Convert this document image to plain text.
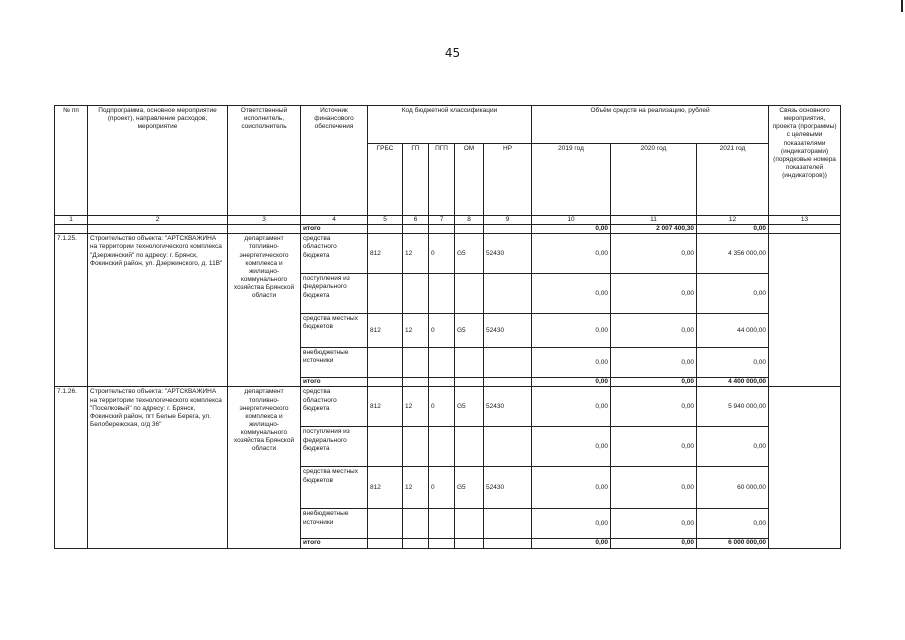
45
№ пп	Подпрограмма, основное мероприятие (проект), направление расходов, мероприятие	Ответственный исполнитель, соисполнитель	Источник финансового обеспечения	Код бюджетной классификации					Объём средств на реализацию, рублей			Связь основного мероприятия, проекта (программы) с целевыми показателями (индикаторами) (порядковые номера показателей (индикаторов))
				ГРБС	ГП	ПГП	ОМ	НР	2019 год	2020 год	2021 год	
1	2	3	4	5	6	7	8	9	10	11	12	13
			итого						0,00	2 007 400,30	0,00	
7.1.25.	Строительство объекта: "АРТСКВАЖИНА на территории технологического комплекса "Дзержинский" по адресу: г. Брянск, Фокинский район, ул. Дзержинского, д. 11В"	департамент топливно-энергетического комплекса и жилищно-коммунального хозяйства Брянской области	средства областного бюджета	812	12	0	G5	52430	0,00	0,00	4 356 000,00	
			поступления из федерального бюджета						0,00	0,00	0,00	
			средства местных бюджетов	812	12	0	G5	52430	0,00	0,00	44 000,00	
			внебюджетные источники						0,00	0,00	0,00	
			итого						0,00	0,00	4 400 000,00	
7.1.26.	Строительство объекта: "АРТСКВАЖИНА на территории технологического комплекса "Поселковый" по адресу: г. Брянск, Фокинский район, пгт Белые Берега, ул. Белобережская, о/д 36"	департамент топливно-энергетического комплекса и жилищно-коммунального хозяйства Брянской области	средства областного бюджета	812	12	0	G5	52430	0,00	0,00	5 940 000,00	
			поступления из федерального бюджета						0,00	0,00	0,00	
			средства местных бюджетов	812	12	0	G5	52430	0,00	0,00	60 000,00	
			внебюджетные источники						0,00	0,00	0,00	
			итого						0,00	0,00	6 000 000,00	
